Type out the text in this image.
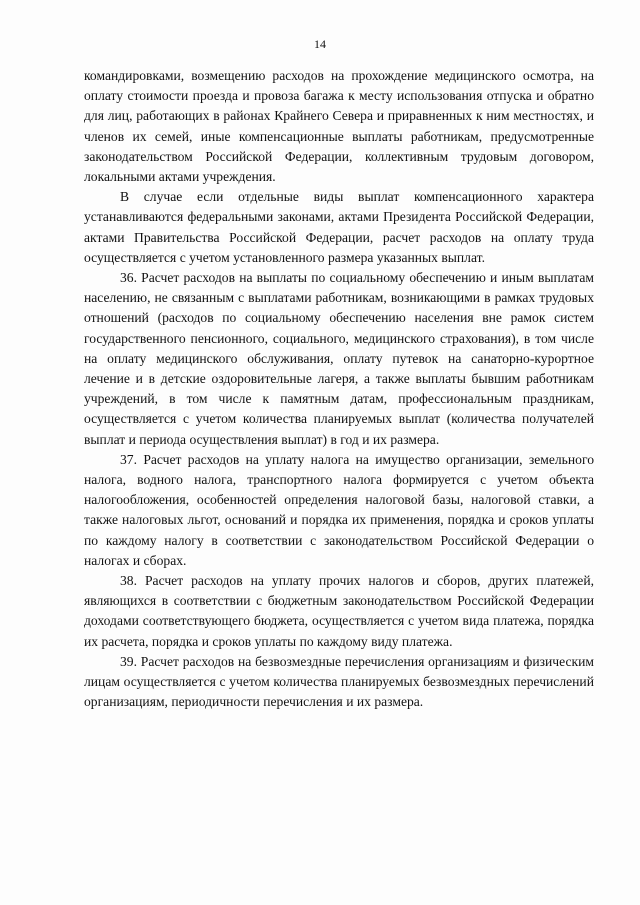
14

командировками, возмещению расходов на прохождение медицинского осмотра, на оплату стоимости проезда и провоза багажа к месту использования отпуска и обратно для лиц, работающих в районах Крайнего Севера и приравненных к ним местностях, и членов их семей, иные компенсационные выплаты работникам, предусмотренные законодательством Российской Федерации, коллективным трудовым договором, локальными актами учреждения.

В случае если отдельные виды выплат компенсационного характера устанавливаются федеральными законами, актами Президента Российской Федерации, актами Правительства Российской Федерации, расчет расходов на оплату труда осуществляется с учетом установленного размера указанных выплат.

36. Расчет расходов на выплаты по социальному обеспечению и иным выплатам населению, не связанным с выплатами работникам, возникающими в рамках трудовых отношений (расходов по социальному обеспечению населения вне рамок систем государственного пенсионного, социального, медицинского страхования), в том числе на оплату медицинского обслуживания, оплату путевок на санаторно-курортное лечение и в детские оздоровительные лагеря, а также выплаты бывшим работникам учреждений, в том числе к памятным датам, профессиональным праздникам, осуществляется с учетом количества планируемых выплат (количества получателей выплат и периода осуществления выплат) в год и их размера.

37. Расчет расходов на уплату налога на имущество организации, земельного налога, водного налога, транспортного налога формируется с учетом объекта налогообложения, особенностей определения налоговой базы, налоговой ставки, а также налоговых льгот, оснований и порядка их применения, порядка и сроков уплаты по каждому налогу в соответствии с законодательством Российской Федерации о налогах и сборах.

38. Расчет расходов на уплату прочих налогов и сборов, других платежей, являющихся в соответствии с бюджетным законодательством Российской Федерации доходами соответствующего бюджета, осуществляется с учетом вида платежа, порядка их расчета, порядка и сроков уплаты по каждому виду платежа.

39. Расчет расходов на безвозмездные перечисления организациям и физическим лицам осуществляется с учетом количества планируемых безвозмездных перечислений организациям, периодичности перечисления и их размера.
